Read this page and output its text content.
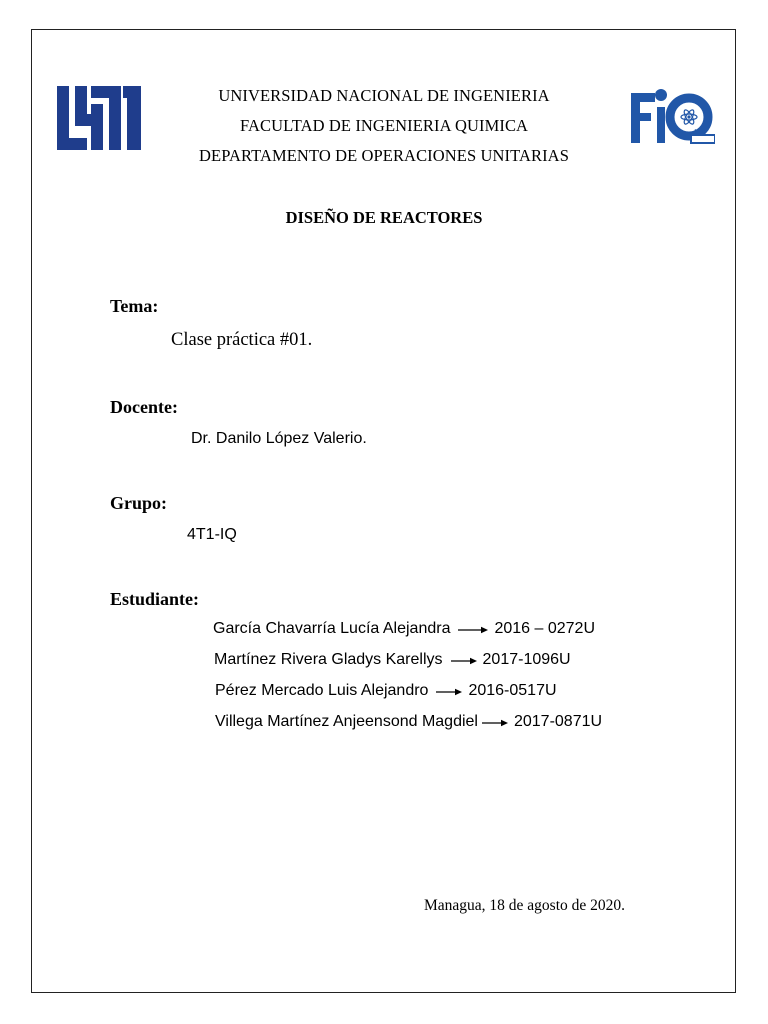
FIQ
UNIVERSIDAD NACIONAL DE INGENIERIA
FACULTAD DE INGENIERIA QUIMICA
DEPARTAMENTO DE OPERACIONES UNITARIAS
DISEÑO DE REACTORES
Tema:
Clase práctica #01.
Docente:
Dr. Danilo López Valerio.
Grupo:
4T1-IQ
Estudiante:
García Chavarría Lucía Alejandra	2016 – 0272U
Martínez Rivera Gladys Karellys	2017-1096U
Pérez Mercado Luis Alejandro	2016-0517U
Villega Martínez Anjeensond Magdiel 2017-0871U
Managua, 18 de agosto de 2020.
